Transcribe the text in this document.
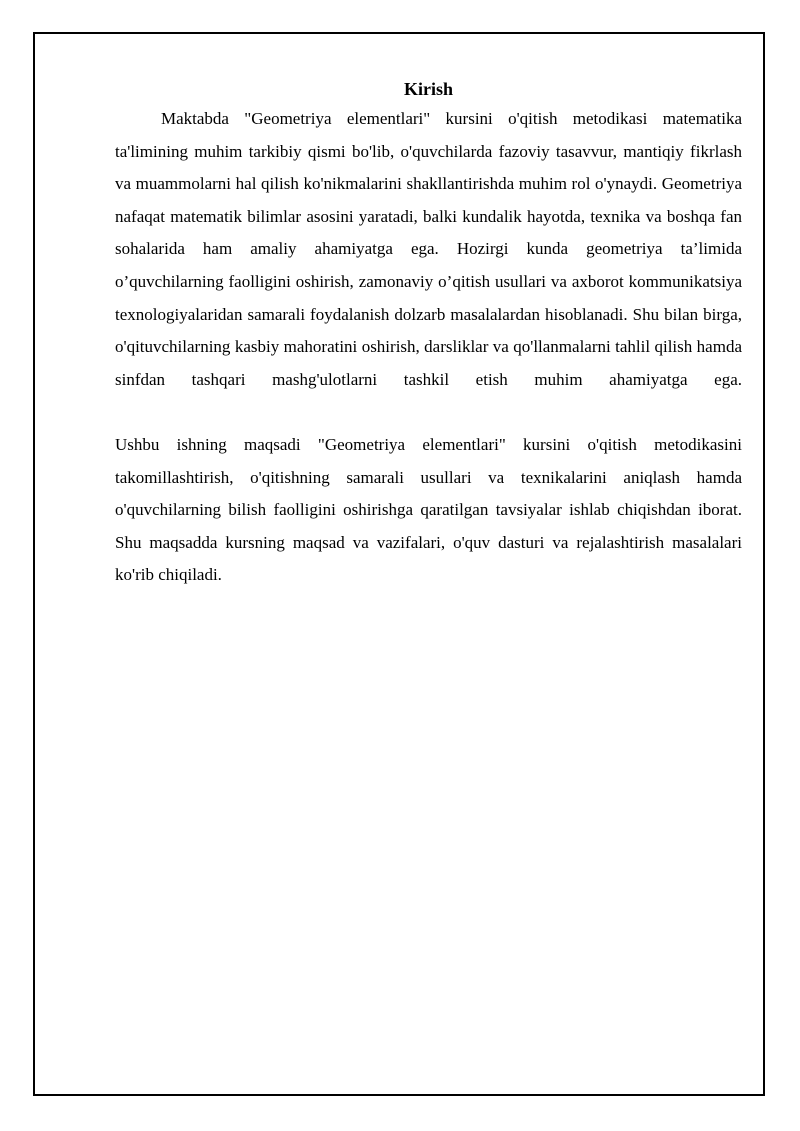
Kirish

Maktabda "Geometriya elementlari" kursini o'qitish metodikasi matematika ta'limining muhim tarkibiy qismi bo'lib, o'quvchilarda fazoviy tasavvur, mantiqiy fikrlash va muammolarni hal qilish ko'nikmalarini shakllantirishda muhim rol o'ynaydi. Geometriya nafaqat matematik bilimlar asosini yaratadi, balki kundalik hayotda, texnika va boshqa fan sohalarida ham amaliy ahamiyatga ega. Hozirgi kunda geometriya ta’limida o’quvchilarning faolligini oshirish, zamonaviy o’qitish usullari va axborot kommunikatsiya texnologiyalaridan samarali foydalanish dolzarb masalalardan hisoblanadi. Shu bilan birga, o'qituvchilarning kasbiy mahoratini oshirish, darsliklar va qo'llanmalarni tahlil qilish hamda sinfdan tashqari mashg'ulotlarni tashkil etish muhim ahamiyatga ega.

Ushbu ishning maqsadi "Geometriya elementlari" kursini o'qitish metodikasini takomillashtirish, o'qitishning samarali usullari va texnikalarini aniqlash hamda o'quvchilarning bilish faolligini oshirishga qaratilgan tavsiyalar ishlab chiqishdan iborat. Shu maqsadda kursning maqsad va vazifalari, o'quv dasturi va rejalashtirish masalalari ko'rib chiqiladi.
